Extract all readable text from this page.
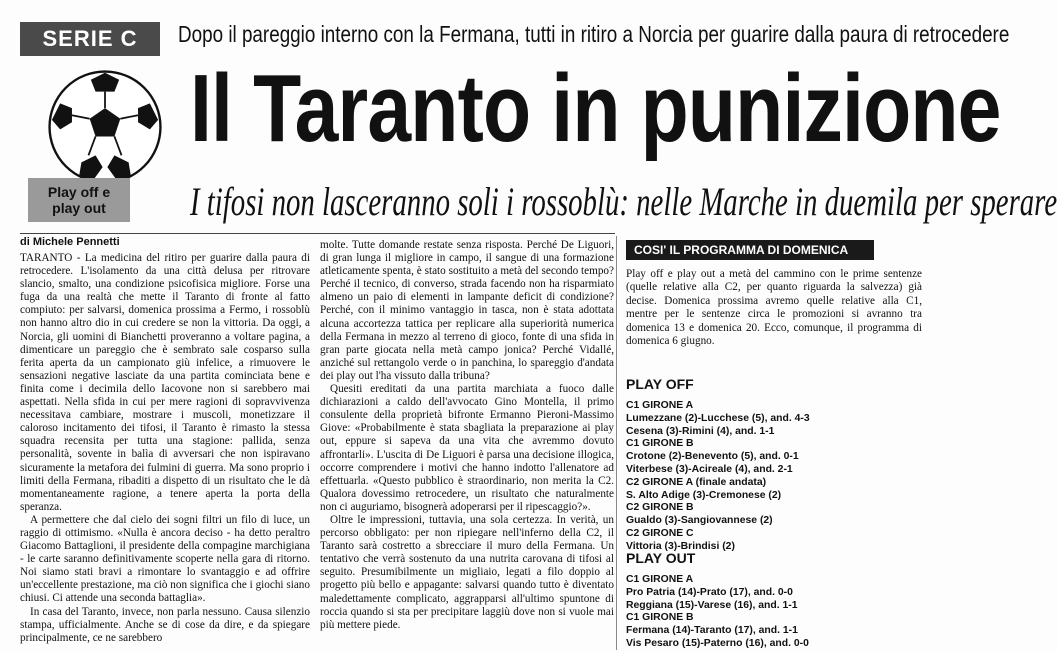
SERIE C	Dopo il pareggio interno con la Fermana, tutti in ritiro a Norcia per guarire dalla paura di retrocedere
Il Taranto in punizione
Play off e play out	I tifosi non lasceranno soli i rossoblù: nelle Marche in duemila per sperare
di Michele Pennetti

TARANTO - La medicina del ritiro per guarire dalla paura di retrocedere. L'isolamento da una città delusa per ritrovare slancio, smalto, una condizione psicofisica migliore. Forse una fuga da una realtà che mette il Taranto di fronte al fatto compiuto: per salvarsi, domenica prossima a Fermo, i rossoblù non hanno altro dio in cui credere se non la vittoria. Da oggi, a Norcia, gli uomini di Bianchetti proveranno a voltare pagina, a dimenticare un pareggio che è sembrato sale cosparso sulla ferita aperta da un campionato giù infelice, a rimuovere le sensazioni negative lasciate da una partita cominciata bene e finita come i decimila dello Iacovone non si sarebbero mai aspettati. Nella sfida in cui per mere ragioni di sopravvivenza necessitava cambiare, mostrare i muscoli, monetizzare il caloroso incitamento dei tifosi, il Taranto è rimasto la stessa squadra recensita per tutta una stagione: pallida, senza personalità, sovente in balìa di avversari che non ispiravano sicuramente la metafora dei fulmini di guerra. Ma sono proprio i limiti della Fermana, ribaditi a dispetto di un risultato che le dà momentaneamente ragione, a tenere aperta la porta della speranza.

A permettere che dal cielo dei sogni filtri un filo di luce, un raggio di ottimismo. «Nulla è ancora deciso - ha detto peraltro Giacomo Battaglioni, il presidente della compagine marchigiana - le carte saranno definitivamente scoperte nella gara di ritorno. Noi siamo stati bravi a rimontare lo svantaggio e ad offrire un'eccellente prestazione, ma ciò non significa che i giochi siano chiusi. Ci attende una seconda battaglia».

In casa del Taranto, invece, non parla nessuno. Causa silenzio stampa, ufficialmente. Anche se di cose da dire, e da spiegare principalmente, ce ne sarebbero

molte. Tutte domande restate senza risposta. Perché De Liguori, di gran lunga il migliore in campo, il sangue di una formazione atleticamente spenta, è stato sostituito a metà del secondo tempo? Perché il tecnico, di converso, strada facendo non ha risparmiato almeno un paio di elementi in lampante deficit di condizione? Perché, con il minimo vantaggio in tasca, non è stata adottata alcuna accortezza tattica per replicare alla superiorità numerica della Fermana in mezzo al terreno di gioco, fonte di una sfida in gran parte giocata nella metà campo jonica? Perché Vidallé, anziché sul rettangolo verde o in panchina, lo spareggio d'andata dei play out l'ha vissuto dalla tribuna?

Quesiti ereditati da una partita marchiata a fuoco dalle dichiarazioni a caldo dell'avvocato Gino Montella, il primo consulente della proprietà bifronte Ermanno Pieroni-Massimo Giove: «Probabilmente è stata sbagliata la preparazione ai play out, eppure si sapeva da una vita che avremmo dovuto affrontarli». L'uscita di De Liguori è parsa una decisione illogica, occorre comprendere i motivi che hanno indotto l'allenatore ad effettuarla. «Questo pubblico è straordinario, non merita la C2. Qualora dovessimo retrocedere, un risultato che naturalmente non ci auguriamo, bisognerà adoperarsi per il ripescaggio?».

Oltre le impressioni, tuttavia, una sola certezza. In verità, un percorso obbligato: per non ripiegare nell'inferno della C2, il Taranto sarà costretto a sbrecciare il muro della Fermana. Un tentativo che verrà sostenuto da una nutrita carovana di tifosi al seguito. Presumibilmente un migliaio, legati a filo doppio al progetto più bello e appagante: salvarsi quando tutto è diventato maledettamente complicato, aggrapparsi all'ultimo spuntone di roccia quando si sta per precipitare laggiù dove non si vuole mai più mettere piede.

COSI' IL PROGRAMMA DI DOMENICA
Play off e play out a metà del cammino con le prime sentenze (quelle relative alla C2, per quanto riguarda la salvezza) già decise. Domenica prossima avremo quelle relative alla C1, mentre per le sentenze circa le promozioni si avranno tra domenica 13 e domenica 20. Ecco, comunque, il programma di domenica 6 giugno.
PLAY OFF
C1 GIRONE A
Lumezzane (2)-Lucchese (5), and. 4-3
Cesena (3)-Rimini (4), and. 1-1
C1 GIRONE B
Crotone (2)-Benevento (5), and. 0-1
Viterbese (3)-Acireale (4), and. 2-1
C2 GIRONE A (finale andata)
S. Alto Adige (3)-Cremonese (2)
C2 GIRONE B
Gualdo (3)-Sangiovannese (2)
C2 GIRONE C
Vittoria (3)-Brindisi (2)
PLAY OUT
C1 GIRONE A
Pro Patria (14)-Prato (17), and. 0-0
Reggiana (15)-Varese (16), and. 1-1
C1 GIRONE B
Fermana (14)-Taranto (17), and. 1-1
Vis Pesaro (15)-Paterno (16), and. 0-0
